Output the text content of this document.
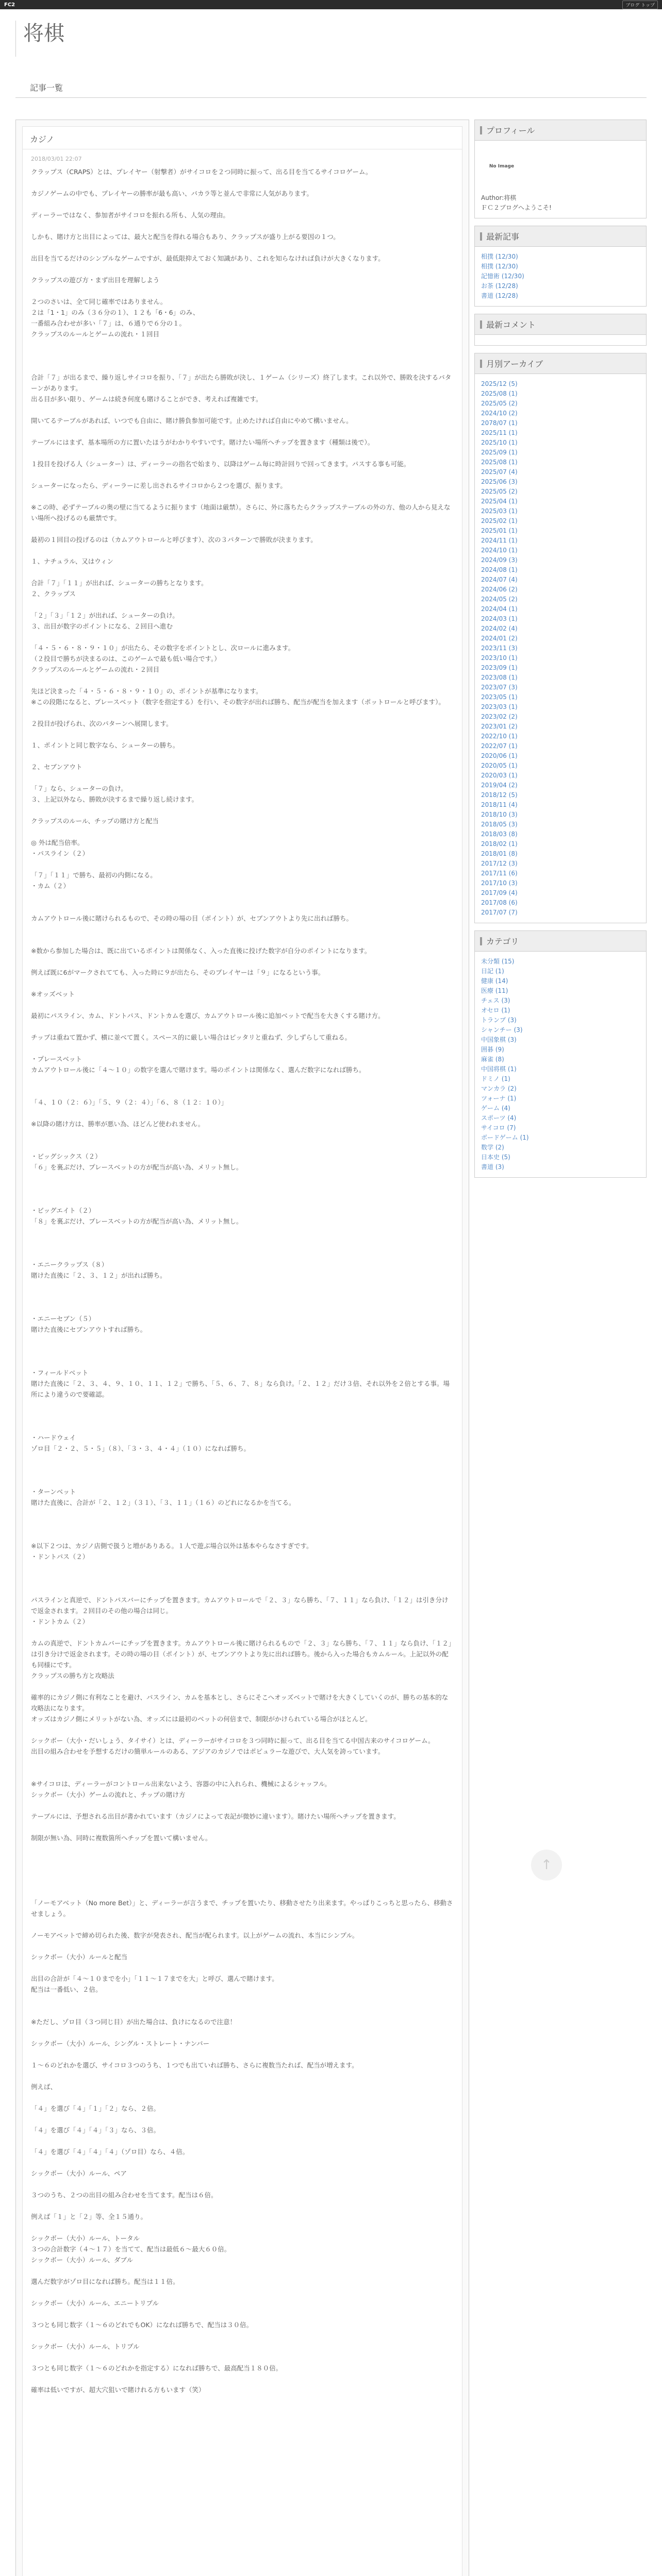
FC2	ブログ トップ
将棋
記事一覧
カジノ
2018/03/01 22:07

クラップス（CRAPS）とは、プレイヤー（射撃者）がサイコロを２つ同時に振って、出る目を当てるサイコロゲーム。

カジノゲームの中でも、プレイヤーの勝率が最も高い、バカラ等と並んで非常に人気があります。

ディーラーではなく、参加者がサイコロを振れる所も、人気の理由。

しかも、賭け方と出目によっては、最大と配当を得れる場合もあり、クラップスが盛り上がる要因の１つ。

出目を当てるだけのシンプルなゲームですが、最低限抑えておく知識があり、これを知らなければ負けが大きくなります。

クラップスの遊び方・まず出目を理解しよう

２つのさいは、全て同じ確率ではありません。

２は「1・1」のみ（３６分の１）、１２も「6・6」のみ、

一番組み合わせが多い「７」は、６通りで６分の１。

クラップスのルールとゲームの流れ・１回目

合計「７」が出るまで、繰り返しサイコロを振り、「７」が出たら勝敗が決し、１ゲーム（シリーズ）終了します。これ以外で、勝敗を決するパターンがあります。

出る目が多い限り、ゲームは続き何度も賭けることができ、考えれば複雑です。

開いてるテーブルがあれば、いつでも自由に、賭け勝負参加可能です。止めたければ自由にやめて構いません。

テーブルにはまず、基本場所の方に置いたほうがわかりやすいです。賭けたい場所へチップを置きます（種類は後で）。

１投目を投げる人（シューター）は、ディーラーの指名で始まり、以降はゲーム毎に時計回りで回ってきます。パスする事も可能。

シューターになったら、ディーラーに差し出されるサイコロから２つを選び、振ります。

※この時、必ずテーブルの奥の壁に当てるように振ります（地面は厳禁）。さらに、外に落ちたらクラップステーブルの外の方、他の人から見えない場所へ投げるのも厳禁です。

最初の１回目の投げるのは（カムアウトロールと呼びます）、次の３パターンで勝敗が決まります。

１、ナチュラル、又はウィン

合計「７」「１１」が出れば、シューターの勝ちとなります。

２、クラップス

「２」「３」「１２」が出れば、シューターの負け。

３、出目が数字のポイントになる、２回目へ進む

「４・５・６・８・９・１０」が出たら、その数字をポイントとし、次ロールに進みます。

（２投目で勝ちが決まるのは、このゲームで最も低い場合です。）

クラップスのルールとゲームの流れ・２回目

先ほど決まった「４・５・６・８・９・１０」の、ポイントが基準になります。

※この段階になると、プレースベット（数字を指定する）を行い、その数字が出れば勝ち、配当が配当を加えます（ポットロールと呼びます）。

２投目が投げられ、次のパターンへ展開します。

１、ポイントと同じ数字なら、シューターの勝ち。

２、セブンアウト

「７」なら、シューターの負け。

３、上記以外なら、勝敗が決するまで繰り返し続けます。

クラップスのルール、チップの賭け方と配当

◎ 外は配当倍率。

・パスライン（２）

「７」「１１」で勝ち、最初の内側になる。

・カム（２）

カムアウトロール後に賭けられるもので、その時の場の目（ポイント）が、セブンアウトより先に出れば勝ち。

※数から参加した場合は、既に出ているポイントは関係なく、入った直後に投げた数字が自分のポイントになります。

例えば既に6がマークされてても、入った時に９が出たら、そのプレイヤーは「９」になるという事。

※オッズベット

最初にパスライン、カム、ドントパス、ドントカムを選び、カムアウトロール後に追加ベットで配当を大きくする賭け方。

チップは重ねて置かず、横に並べて置く。スペース的に厳しい場合はピッタリと重ねず、少しずらして重ねる。

・プレースベット

カムアウトロール後に「４～１０」の数字を選んで賭けます。場のポイントは関係なく、選んだ数字になれば勝ち。

「４、１０（２：６）」「５、９（２：４）」「６、８（１２：１０）」

※以降の賭け方は、勝率が悪い為、ほどんど使われません。

・ビッグシックス（２）

「６」を裏ぶだけ、プレースベットの方が配当が高い為、メリット無し。

・ビッグエイト（２）

「８」を裏ぶだけ、プレースベットの方が配当が高い為、メリット無し。

・エニークラップス（８）

賭けた直後に「２、３、１２」が出れば勝ち。

・エニーセブン（５）

賭けた直後にセブンアウトすれば勝ち。

・フィールドベット

賭けた直後に「２、３、４、９、１０、１１、１２」で勝ち、「５、６、７、８」なら負け。「２、１２」だけ３倍、それ以外を２倍とする事。場所により違うので要確認。

・ハードウェイ

ゾロ目「２・２、５・５」（８）、「３・３、４・４」（１０）になれば勝ち。

・ターンベット

賭けた直後に、合計が「２、１２」（３１）、「３、１１」（１６）のどれになるかを当てる。

※以下２つは、カジノ店側で扱うと増がありある。１人で遊ぶ場合以外は基本やらなさすぎです。

・ドントパス（２）

パスラインと真逆で、ドントパスバーにチップを置きます。カムアウトロールで「２、３」なら勝ち、「７、１１」なら負け、「１２」は引き分けで返金されます。２回目のその他の場合は同じ。

・ドントカム（２）

カムの真逆で、ドントカムバーにチップを置きます。カムアウトロール後に賭けられるもので「２、３」なら勝ち、「７、１１」なら負け、「１２」は引き分けで返金されます。その時の場の目（ポイント）が、セブンアウトより先に出れば勝ち。後から入った場合もカムルール。上記以外の配も同様にです。

クラップスの勝ち方と攻略法

確率的にカジノ側に有利なことを避け、パスライン、カムを基本とし、さらにそこへオッズベットで賭けを大きくしていくのが、勝ちの基本的な攻略法になります。

オッズはカジノ側にメリットがない為、オッズには最初のベットの何倍まで、制限がかけられている場合がほとんど。

シックボー（大小・だいしょう、タイサイ）とは、ディーラーがサイコロを３つ同時に振って、出る目を当てる中国古来のサイコロゲーム。

出目の組み合わせを予想するだけの簡単ルールのある、アジアのカジノではポピュラーな遊びで、大人気を誇っています。

※サイコロは、ディーラーがコントロール出来ないよう、容器の中に入れられ、機械によるシャッフル。

シックボー（大小）ゲームの流れと、チップの賭け方

テーブルには、予想される出目が書かれています（カジノによって表記が微妙に違います）。賭けたい場所へチップを置きます。

制限が無い為、同時に複数箇所へチップを置いて構いません。

「ノーモアベット（No more Bet）」と、ディーラーが言うまで、チップを置いたり、移動させたり出来ます。やっぱりこっちと思ったら、移動させましょう。

ノーモアベットで締め切られた後、数字が発表され、配当が配られます。以上がゲームの流れ、本当にシンプル。

シックボー（大小）ルールと配当

出目の合計が「４～１０までを小」「１１～１７までを大」と呼び、選んで賭けます。

配当は一番低い、２倍。

※ただし、ゾロ目（３つ同じ目）が出た場合は、負けになるので注意！

シックボー（大小）ルール、シングル・ストレート・ナンバー

１～６のどれかを選び、サイコロ３つのうち、１つでも出ていれば勝ち、さらに複数当たれば、配当が増えます。

例えば、

「４」を選び「４」「１」「２」なら、２倍。

「４」を選び「４」「４」「３」なら、３倍。

「４」を選び「４」「４」「４」（ゾロ目）なら、４倍。

シックボー（大小）ルール、ペア

３つのうち、２つの出目の組み合わせを当てます。配当は６倍。

例えば「１」と「２」等、全１５通り。

シックボー（大小）ルール、トータル

３つの合計数字（４～１７）を当てて、配当は最低６～最大６０倍。

シックボー（大小）ルール、ダブル

選んだ数字がゾロ目になれば勝ち。配当は１１倍。

シックボー（大小）ルール、エニートリプル

３つとも同じ数字（１～６のどれでもOK）になれば勝ちで、配当は３０倍。

シックボー（大小）ルール、トリプル

３つとも同じ数字（１～６のどれかを指定する）になれば勝ちで、最高配当１８０倍。

確率は低いですが、超大穴狙いで賭けれる方もいます（笑）

プロフィール
No Image
Author:将棋
ＦＣ２ブログへようこそ!
最新記事
相撲 (12/30)
相撲 (12/30)
記憶術 (12/30)
お茶 (12/28)
書道 (12/28)
最新コメント
月別アーカイブ
2025/12 (5)
2025/08 (1)
2025/05 (2)
2024/10 (2)
2078/07 (1)
2025/11 (1)
2025/10 (1)
2025/09 (1)
2025/08 (1)
2025/07 (4)
2025/06 (3)
2025/05 (2)
2025/04 (1)
2025/03 (1)
2025/02 (1)
2025/01 (1)
2024/11 (1)
2024/10 (1)
2024/09 (3)
2024/08 (1)
2024/07 (4)
2024/06 (2)
2024/05 (2)
2024/04 (1)
2024/03 (1)
2024/02 (4)
2024/01 (2)
2023/11 (3)
2023/10 (1)
2023/09 (1)
2023/08 (1)
2023/07 (3)
2023/05 (1)
2023/03 (1)
2023/02 (2)
2023/01 (2)
2022/10 (1)
2022/07 (1)
2020/06 (1)
2020/05 (1)
2020/03 (1)
2019/04 (2)
2018/12 (5)
2018/11 (4)
2018/10 (3)
2018/05 (3)
2018/03 (8)
2018/02 (1)
2018/01 (8)
2017/12 (3)
2017/11 (6)
2017/10 (3)
2017/09 (4)
2017/08 (6)
2017/07 (7)
カテゴリ
未分類 (15)
日記 (1)
健康 (14)
医療 (11)
チェス (3)
オセロ (1)
トランプ (3)
シャンチー (3)
中国象棋 (3)
囲碁 (9)
麻雀 (8)
中国将棋 (1)
ドミノ (1)
マンカラ (2)
ツォーナ (1)
ゲーム (4)
スポーツ (4)
サイコロ (7)
ボードゲーム (1)
数学 (2)
日本史 (5)
書道 (3)
↑
